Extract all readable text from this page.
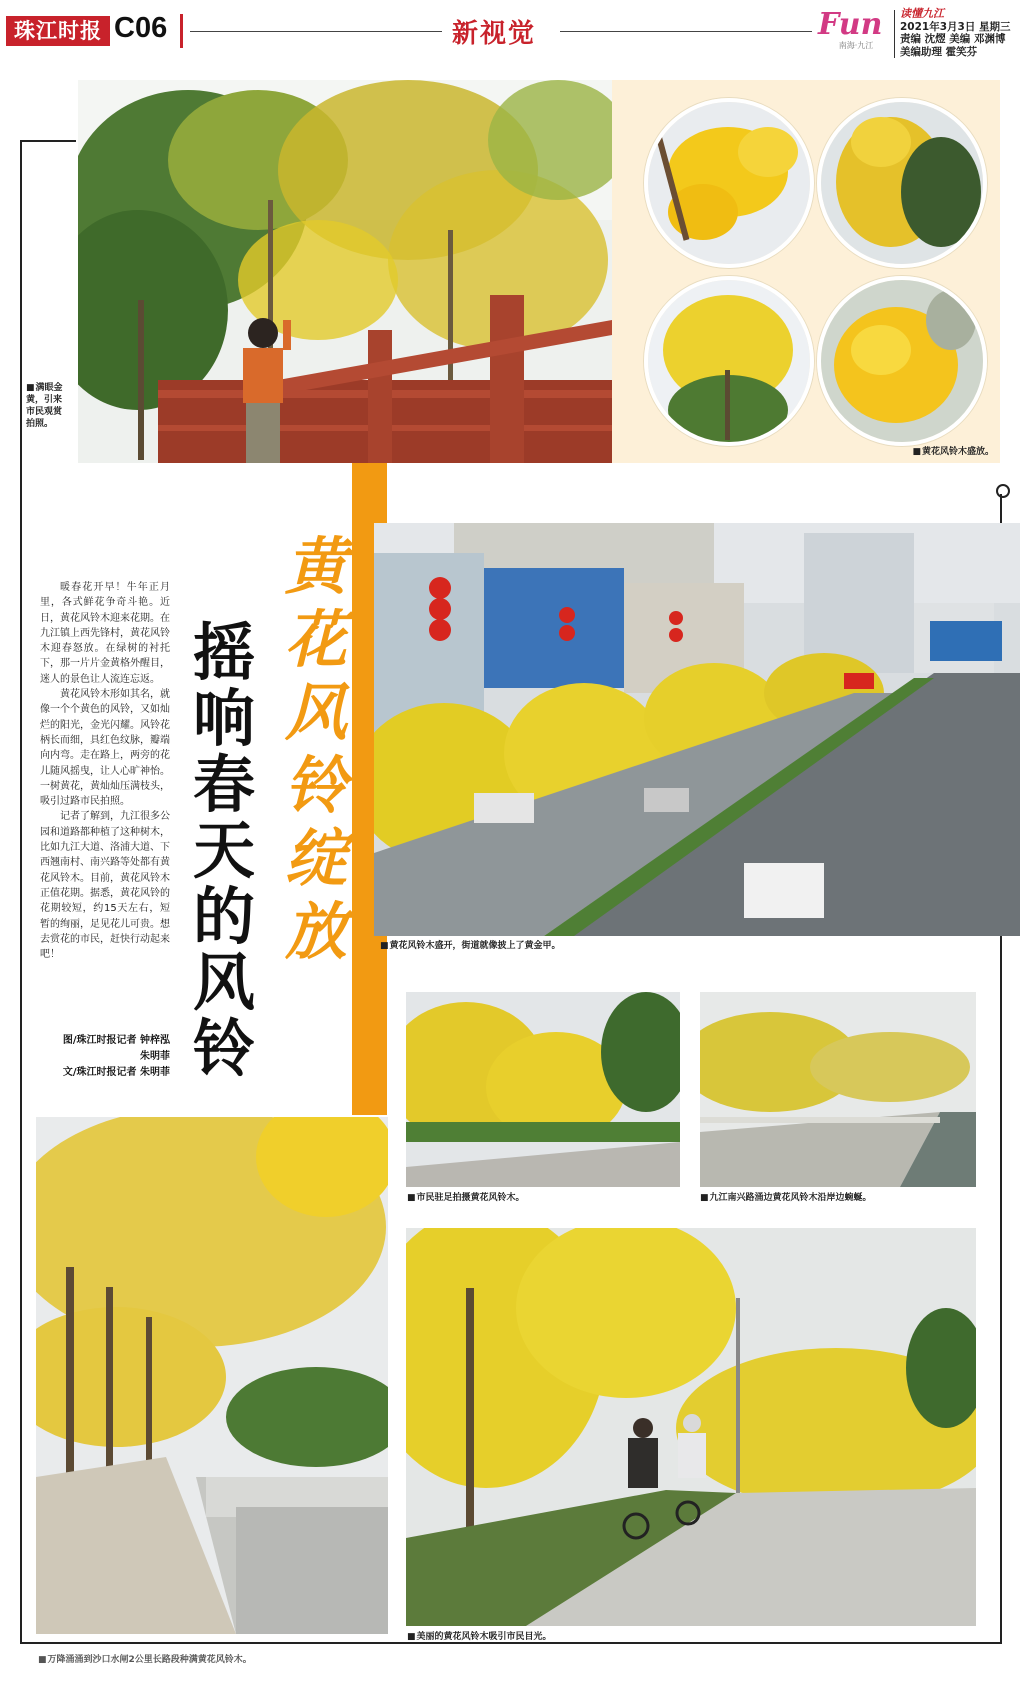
珠江时报 C06	新视觉	Fun
南海·九江
读懂九江
2021年3月3日 星期三
责编 沈熤 美编 邓渊博
美编助理 霍笑芬
■ 满眼金黄，引来市民观赏拍照。
■ 黄花风铃木盛放。
黄花风铃绽放
摇响春天的风铃

暖春花开早！牛年正月里，各式鲜花争奇斗艳。近日，黄花风铃木迎来花期。在九江镇上西先锋村，黄花风铃木迎春怒放。在绿树的衬托下，那一片片金黄格外醒目，迷人的景色让人流连忘返。

黄花风铃木形如其名，就像一个个黄色的风铃，又如灿烂的阳光，金光闪耀。风铃花柄长而细，具红色纹脉，瓣端向内弯。走在路上，两旁的花儿随风摇曳，让人心旷神怡。一树黄花，黄灿灿压满枝头，吸引过路市民拍照。

记者了解到，九江很多公园和道路都种植了这种树木，比如九江大道、洛浦大道、下西翘南村、南兴路等处都有黄花风铃木。目前，黄花风铃木正值花期。据悉，黄花风铃的花期较短，约15天左右，短暂的绚丽，足见花儿可贵。想去赏花的市民，赶快行动起来吧！

图/珠江时报记者 钟梓泓
朱明菲
文/珠江时报记者 朱明菲
■ 黄花风铃木盛开，街道就像披上了黄金甲。
■ 市民驻足拍摄黄花风铃木。
■	九江南兴路涌边黄花风铃木沿岸边蜿蜒。
■ 美丽的黄花风铃木吸引市民目光。
■ 万降涌涌到沙口水闸2公里长路段种满黄花风铃木。
